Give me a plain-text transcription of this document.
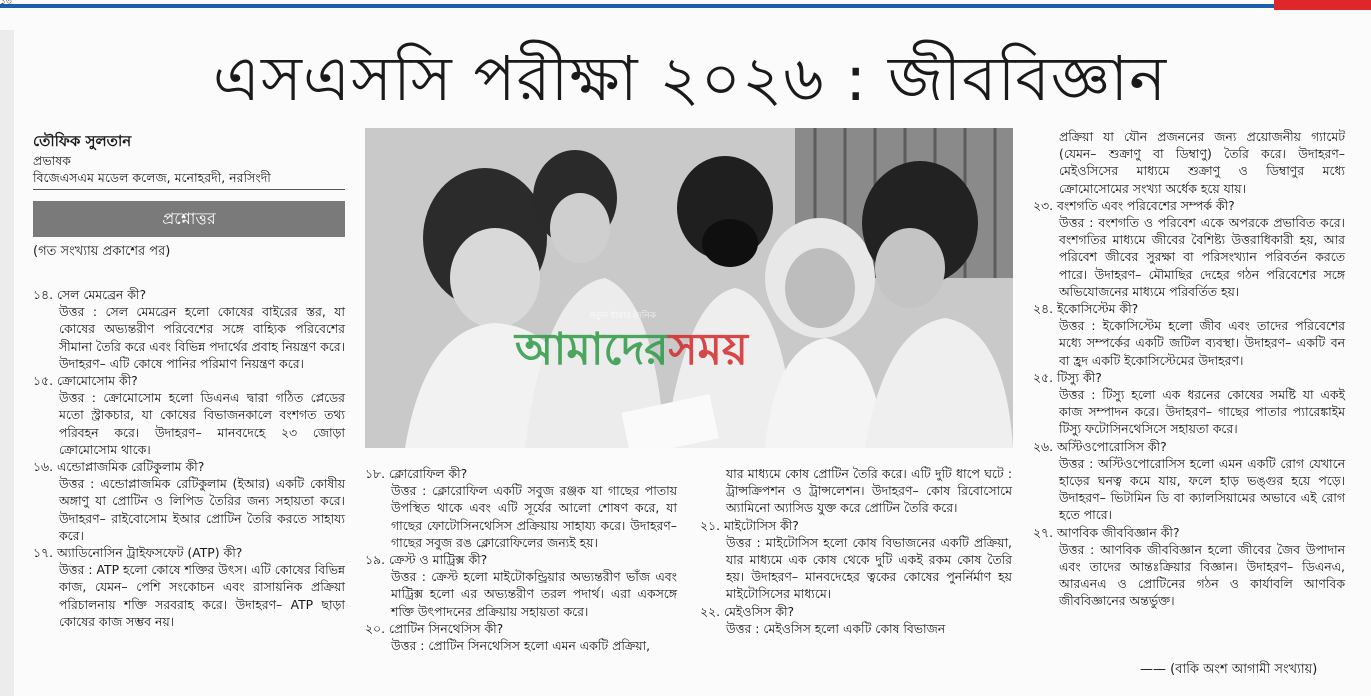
এসএসসি পরীক্ষা ২০২৬ : জীববিজ্ঞান
তৌফিক সুলতান
প্রভাষক
বিজেএসএম মডেল কলেজ, মনোহরদী, নরসিংদী
প্রশ্নোত্তর
(গত সংখ্যায় প্রকাশের পর)
১৪. সেল মেমব্রেন কী?
উত্তর : সেল মেমব্রেন হলো কোষের বাইরের স্তর, যা কোষের অভ্যন্তরীণ পরিবেশের সঙ্গে বাহ্যিক পরিবেশের সীমানা তৈরি করে এবং বিভিন্ন পদার্থের প্রবাহ নিয়ন্ত্রণ করে। উদাহরণ– এটি কোষে পানির পরিমাণ নিয়ন্ত্রণ করে।
১৫. ক্রোমোসোম কী?
উত্তর : ক্রোমোসোম হলো ডিএনএ দ্বারা গঠিত প্লেডের মতো স্ট্রাকচার, যা কোষের বিভাজনকালে বংশগত তথ্য পরিবহন করে। উদাহরণ– মানবদেহে ২৩ জোড়া ক্রোমোসোম থাকে।
১৬. এন্ডোপ্লাজমিক রেটিকুলাম কী?
উত্তর : এন্ডোপ্লাজমিক রেটিকুলাম (ইআর) একটি কোষীয় অঙ্গাণু যা প্রোটিন ও লিপিড তৈরির জন্য সহায়তা করে। উদাহরণ– রাইবোসোম ইআর প্রোটিন তৈরি করতে সাহায্য করে।
১৭. অ্যাডিনোসিন ট্রাইফসফেট (ATP) কী?
উত্তর : ATP হলো কোষে শক্তির উৎস। এটি কোষের বিভিন্ন কাজ, যেমন– পেশি সংকোচন এবং রাসায়নিক প্রক্রিয়া পরিচালনায় শক্তি সরবরাহ করে। উদাহরণ– ATP ছাড়া কোষের কাজ সম্ভব নয়।
নতুন ধারার দৈনিক
আমাদেরসময়
১৮. ক্লোরোফিল কী?
উত্তর : ক্লোরোফিল একটি সবুজ রঞ্জক যা গাছের পাতায় উপস্থিত থাকে এবং এটি সূর্যের আলো শোষণ করে, যা গাছের ফোটোসিনথেসিস প্রক্রিয়ায় সাহায্য করে। উদাহরণ– গাছের সবুজ রঙ ক্লোরোফিলের জন্যই হয়।
১৯. ক্রেস্ট ও মাট্রিক্স কী?
উত্তর : ক্রেস্ট হলো মাইটোকন্ড্রিয়ার অভ্যন্তরীণ ভাঁজ এবং মাট্রিক্স হলো এর অভ্যন্তরীণ তরল পদার্থ। এরা একসঙ্গে শক্তি উৎপাদনের প্রক্রিয়ায় সহায়তা করে।
২০. প্রোটিন সিনথেসিস কী?
উত্তর : প্রোটিন সিনথেসিস হলো এমন একটি প্রক্রিয়া,
যার মাধ্যমে কোষ প্রোটিন তৈরি করে। এটি দুটি ধাপে ঘটে : ট্রান্সক্রিপশন ও ট্রান্সলেশন। উদাহরণ– কোষ রিবোসোমে অ্যামিনো অ্যাসিড যুক্ত করে প্রোটিন তৈরি করে।
২১. মাইটোসিস কী?
উত্তর : মাইটোসিস হলো কোষ বিভাজনের একটি প্রক্রিয়া, যার মাধ্যমে এক কোষ থেকে দুটি একই রকম কোষ তৈরি হয়। উদাহরণ– মানবদেহের ত্বকের কোষের পুনর্নির্মাণ হয় মাইটোসিসের মাধ্যমে।
২২. মেইওসিস কী?
উত্তর : মেইওসিস হলো একটি কোষ বিভাজন
প্রক্রিয়া যা যৌন প্রজননের জন্য প্রয়োজনীয় গ্যামেট (যেমন– শুক্রাণু বা ডিম্বাণু) তৈরি করে। উদাহরণ– মেইওসিসের মাধ্যমে শুক্রাণু ও ডিম্বাণুর মধ্যে ক্রোমোসোমের সংখ্যা অর্ধেক হয়ে যায়।
২৩. বংশগতি এবং পরিবেশের সম্পর্ক কী?
উত্তর : বংশগতি ও পরিবেশ একে অপরকে প্রভাবিত করে। বংশগতির মাধ্যমে জীবের বৈশিষ্ট্য উত্তরাধিকারী হয়, আর পরিবেশ জীবের সুরক্ষা বা পরিসংখ্যান পরিবর্তন করতে পারে। উদাহরণ– মৌমাছির দেহের গঠন পরিবেশের সঙ্গে অভিযোজনের মাধ্যমে পরিবর্তিত হয়।
২৪. ইকোসিস্টেম কী?
উত্তর : ইকোসিস্টেম হলো জীব এবং তাদের পরিবেশের মধ্যে সম্পর্কের একটি জটিল ব্যবস্থা। উদাহরণ– একটি বন বা হ্রদ একটি ইকোসিস্টেমের উদাহরণ।
২৫. টিস্যু কী?
উত্তর : টিস্যু হলো এক ধরনের কোষের সমষ্টি যা একই কাজ সম্পাদন করে। উদাহরণ– গাছের পাতার প্যারেঙ্কাইম টিস্যু ফটোসিনথেসিসে সহায়তা করে।
২৬. অস্টিওপোরোসিস কী?
উত্তর : অস্টিওপোরোসিস হলো এমন একটি রোগ যেখানে হাড়ের ঘনত্ব কমে যায়, ফলে হাড় ভঙ্গুর হয়ে পড়ে। উদাহরণ– ভিটামিন ডি বা ক্যালসিয়ামের অভাবে এই রোগ হতে পারে।
২৭. আণবিক জীববিজ্ঞান কী?
উত্তর : আণবিক জীববিজ্ঞান হলো জীবের জৈব উপাদান এবং তাদের আন্তঃক্রিয়ার বিজ্ঞান। উদাহরণ– ডিএনএ, আরএনএ ও প্রোটিনের গঠন ও কার্যাবলি আণবিক জীববিজ্ঞানের অন্তর্ভুক্ত।
—— (বাকি অংশ আগামী সংখ্যায়)
